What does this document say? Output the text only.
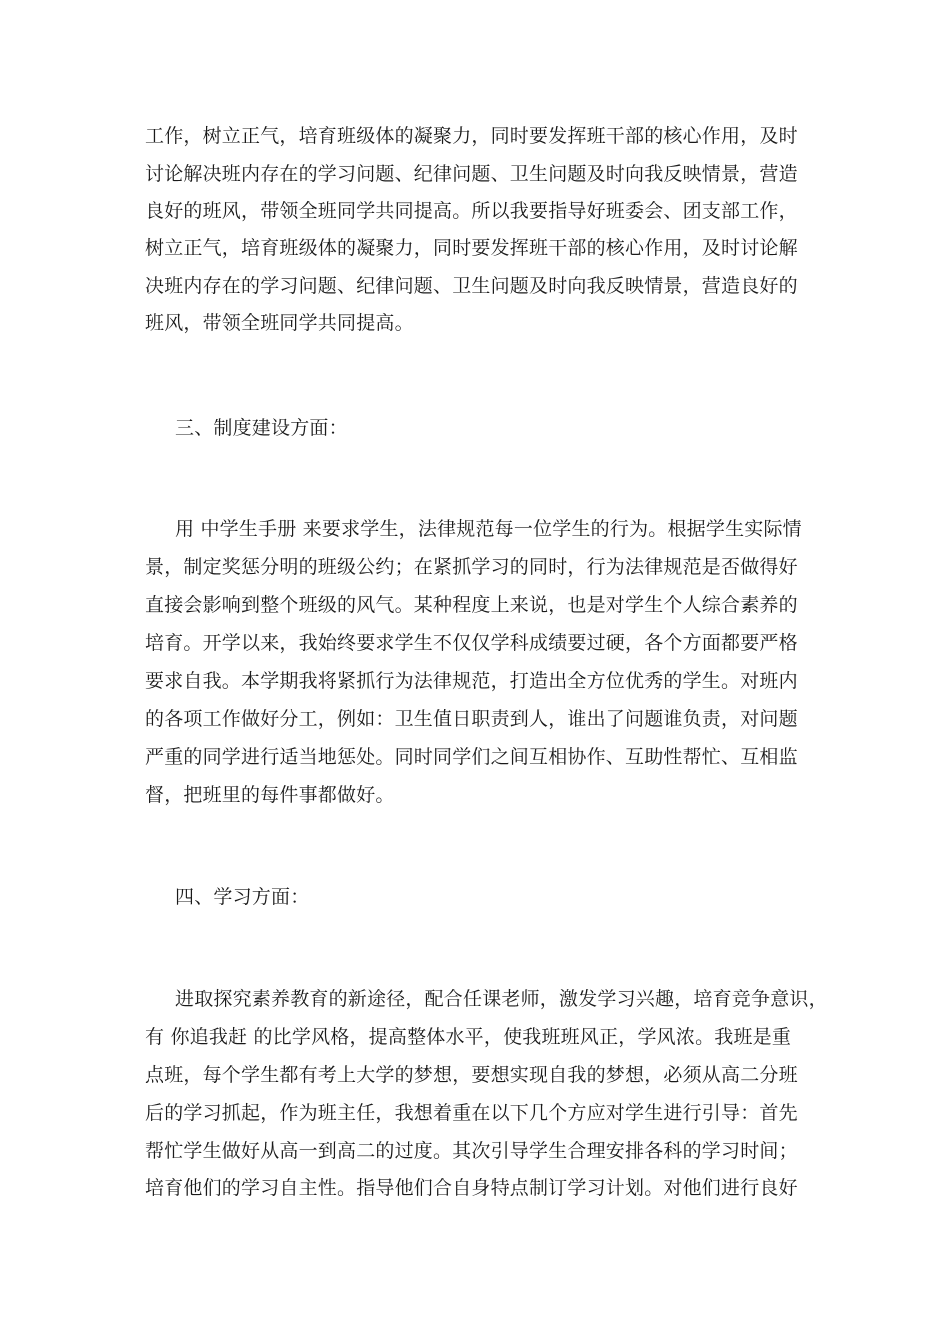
工作，树立正气，培育班级体的凝聚力，同时要发挥班干部的核心作用，及时
讨论解决班内存在的学习问题、纪律问题、卫生问题及时向我反映情景，营造
良好的班风，带领全班同学共同提高。所以我要指导好班委会、团支部工作，
树立正气，培育班级体的凝聚力，同时要发挥班干部的核心作用，及时讨论解
决班内存在的学习问题、纪律问题、卫生问题及时向我反映情景，营造良好的
班风，带领全班同学共同提高。
三、制度建设方面：
用 中学生手册 来要求学生，法律规范每一位学生的行为。根据学生实际情
景，制定奖惩分明的班级公约；在紧抓学习的同时，行为法律规范是否做得好
直接会影响到整个班级的风气。某种程度上来说，也是对学生个人综合素养的
培育。开学以来，我始终要求学生不仅仅学科成绩要过硬，各个方面都要严格
要求自我。本学期我将紧抓行为法律规范，打造出全方位优秀的学生。对班内
的各项工作做好分工，例如：卫生值日职责到人，谁出了问题谁负责，对问题
严重的同学进行适当地惩处。同时同学们之间互相协作、互助性帮忙、互相监
督，把班里的每件事都做好。
四、学习方面：
进取探究素养教育的新途径，配合任课老师，激发学习兴趣，培育竞争意识，
有 你追我赶 的比学风格，提高整体水平，使我班班风正，学风浓。我班是重
点班，每个学生都有考上大学的梦想，要想实现自我的梦想，必须从高二分班
后的学习抓起，作为班主任，我想着重在以下几个方应对学生进行引导：首先
帮忙学生做好从高一到高二的过度。其次引导学生合理安排各科的学习时间；
培育他们的学习自主性。指导他们合自身特点制订学习计划。对他们进行良好
